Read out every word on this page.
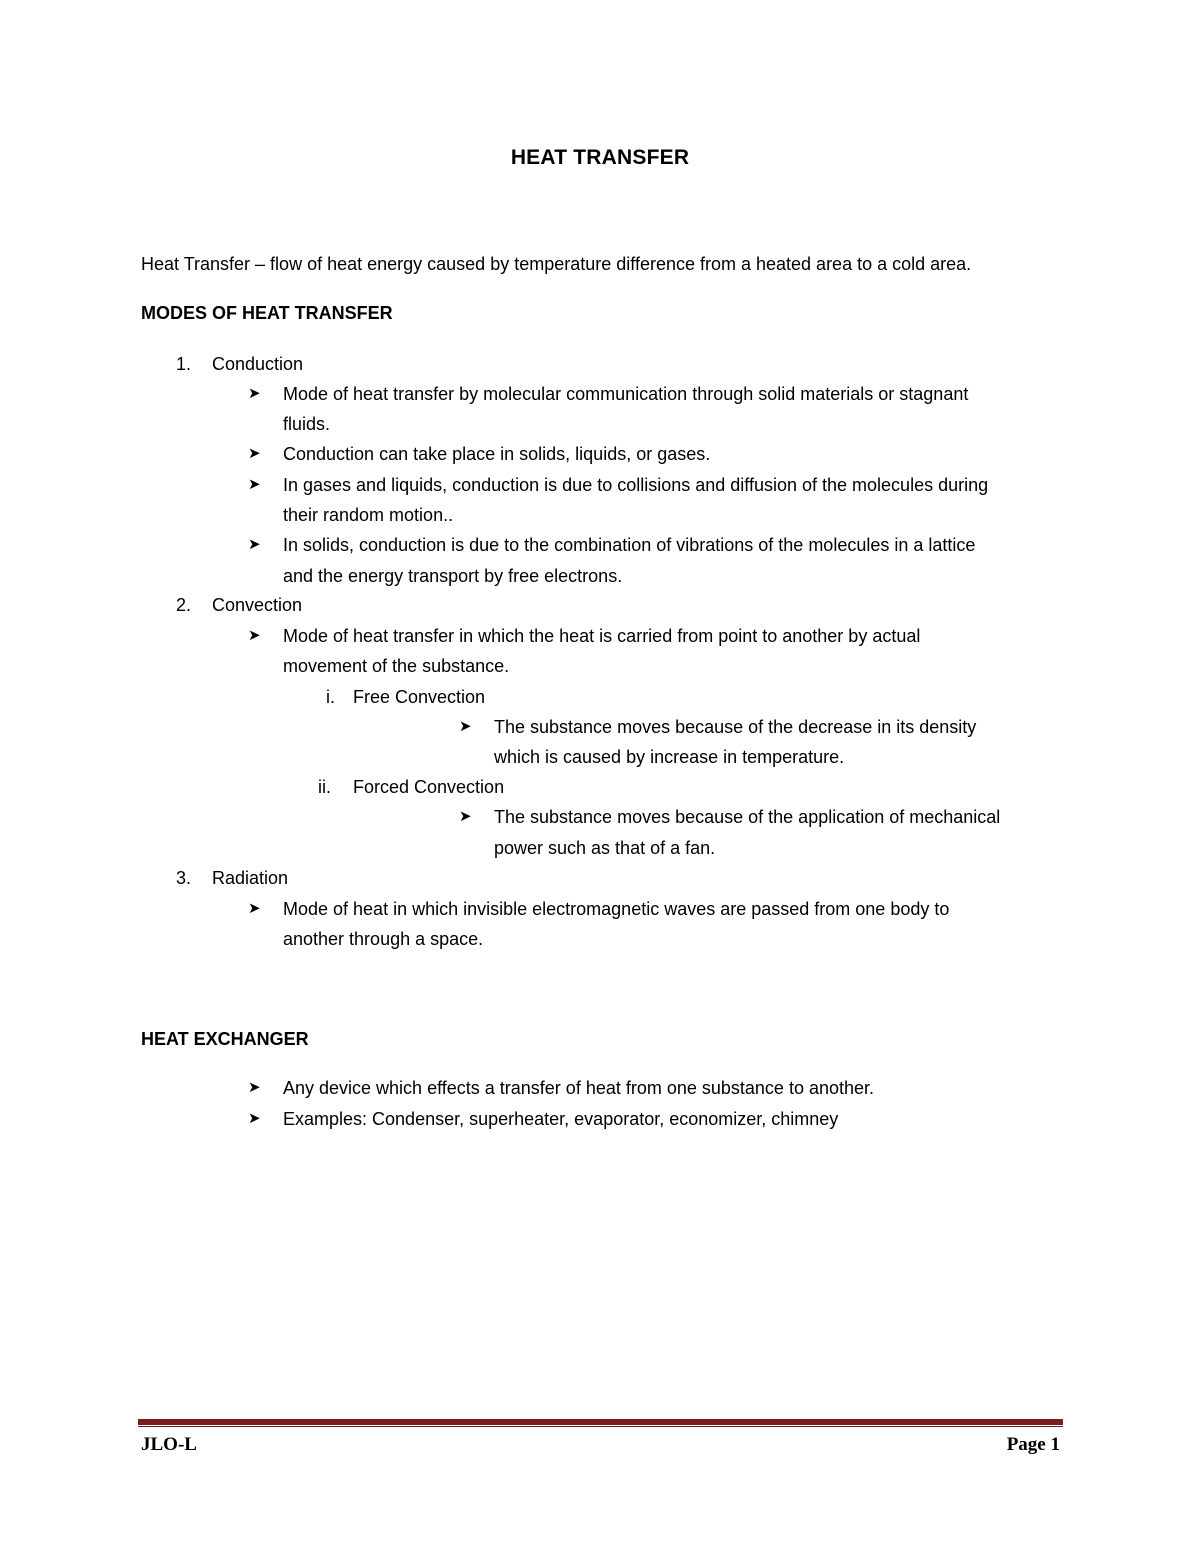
HEAT TRANSFER
Heat Transfer – flow of heat energy caused by temperature difference from a heated area to a cold area.
MODES OF HEAT TRANSFER
1. Conduction
➤ Mode of heat transfer by molecular communication through solid materials or stagnant
fluids.
➤ Conduction can take place in solids, liquids, or gases.
➤ In gases and liquids, conduction is due to collisions and diffusion of the molecules during
their random motion..
➤ In solids, conduction is due to the combination of vibrations of the molecules in a lattice
and the energy transport by free electrons.
2. Convection
➤ Mode of heat transfer in which the heat is carried from point to another by actual
movement of the substance.
i. Free Convection
➤ The substance moves because of the decrease in its density
which is caused by increase in temperature.
ii. Forced Convection
➤ The substance moves because of the application of mechanical
power such as that of a fan.
3. Radiation
➤ Mode of heat in which invisible electromagnetic waves are passed from one body to
another through a space.
HEAT EXCHANGER
➤ Any device which effects a transfer of heat from one substance to another.
➤ Examples: Condenser, superheater, evaporator, economizer, chimney
JLO-L	Page 1
